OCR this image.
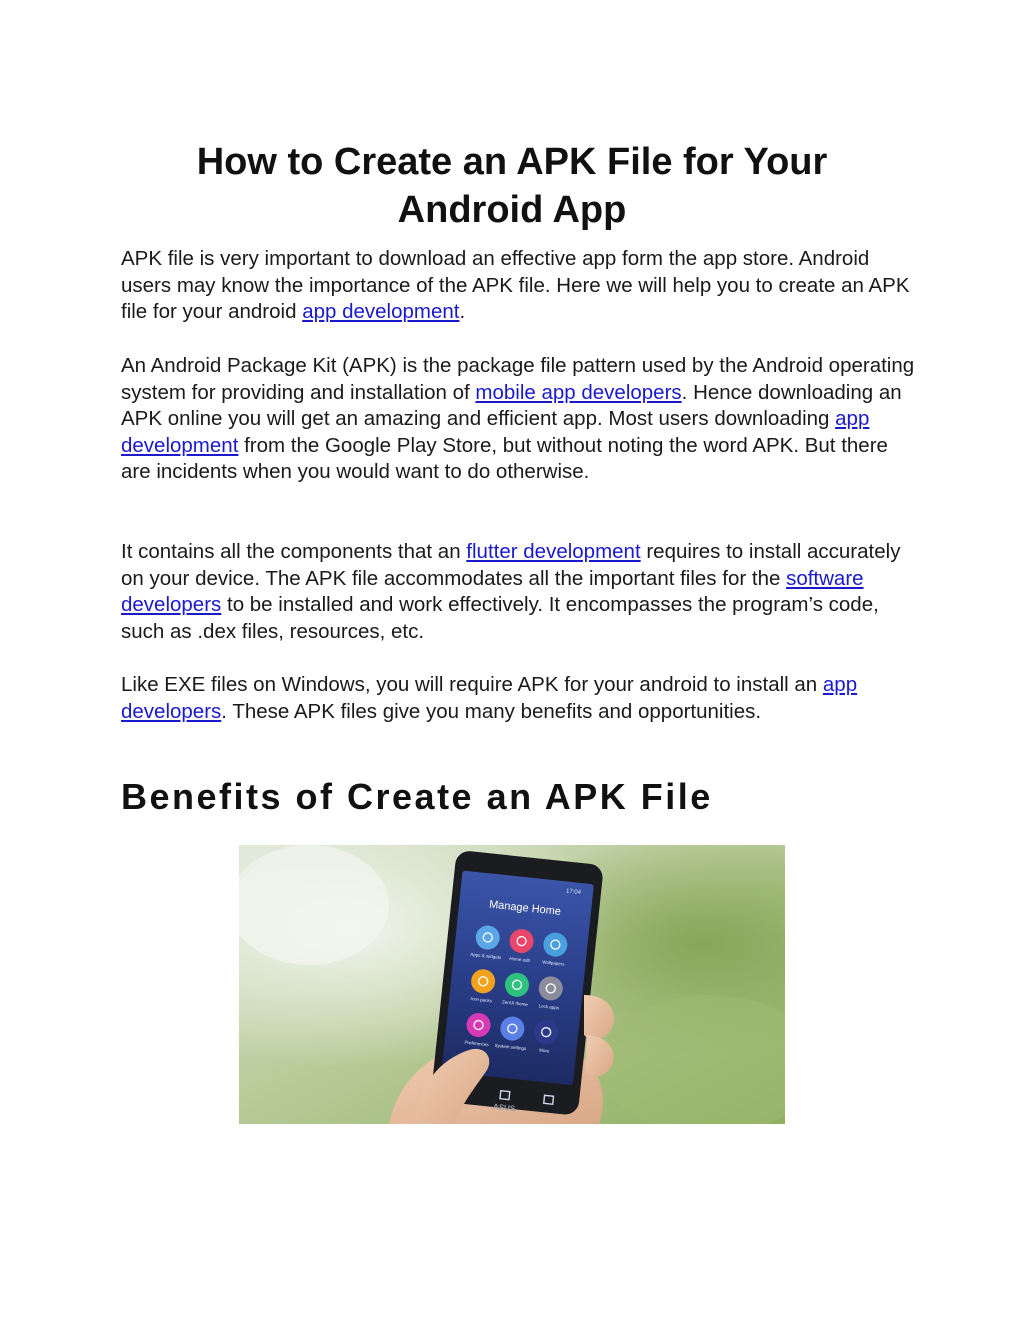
How to Create an APK File for Your Android App

APK file is very important to download an effective app form the app store. Android users may know the importance of the APK file. Here we will help you to create an APK file for your android app development.

An Android Package Kit (APK) is the package file pattern used by the Android operating system for providing and installation of mobile app developers. Hence downloading an APK online you will get an amazing and efficient app. Most users downloading app development from the Google Play Store, but without noting the word APK. But there are incidents when you would want to do otherwise.

It contains all the components that an flutter development requires to install accurately on your device. The APK file accommodates all the important files for the software developers to be installed and work effectively. It encompasses the program’s code, such as .dex files, resources, etc.

Like EXE files on Windows, you will require APK for your android to install an app developers. These APK files give you many benefits and opportunities.

Benefits of Create an APK File
17:04
Manage Home
Apps & widgets Home edit	Wallpapers
Icon packs ZenUI theme Lock apps
Preferences System settings	More
ASUS
